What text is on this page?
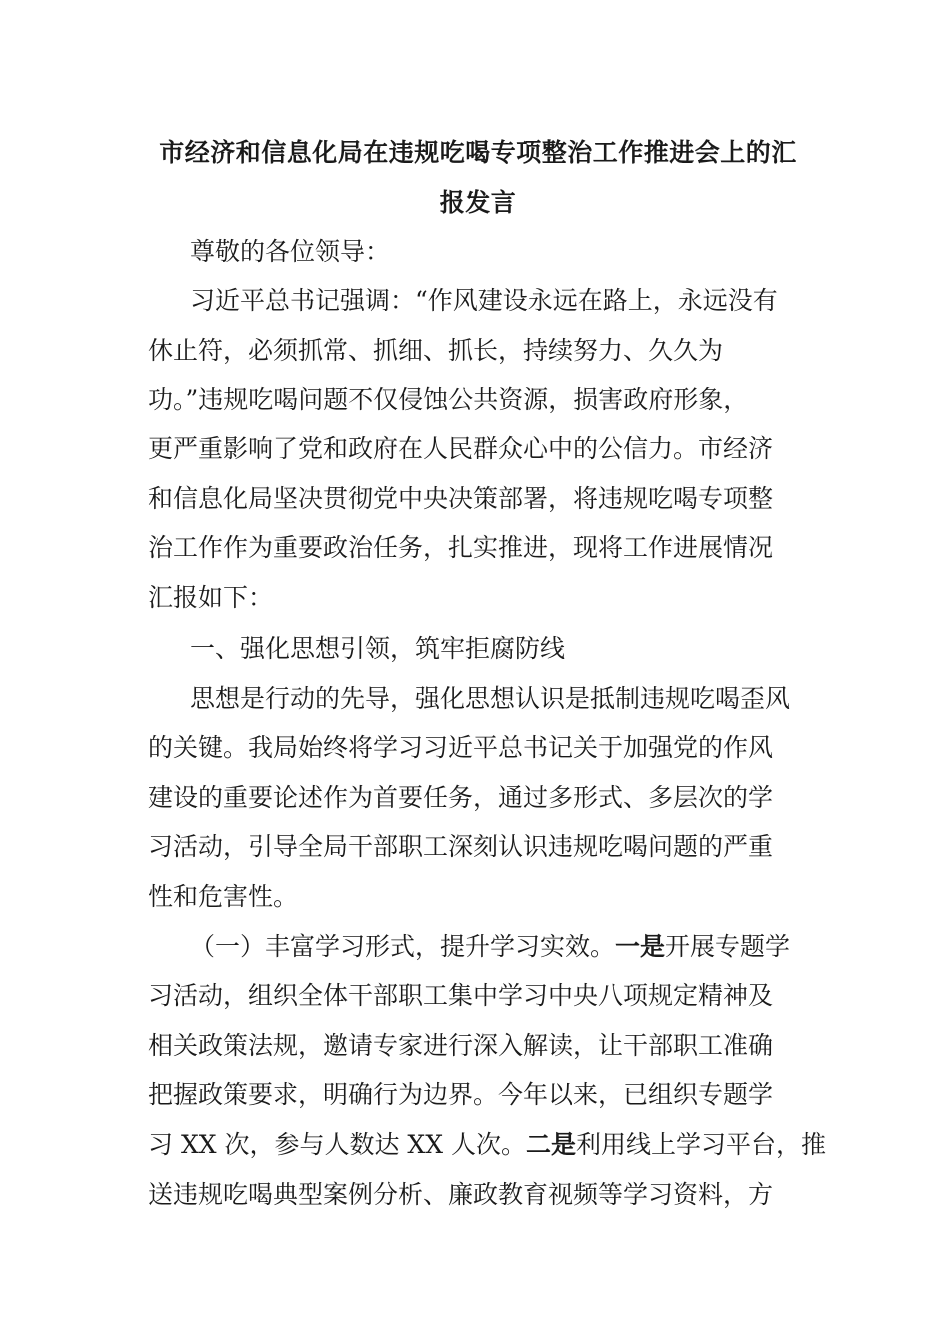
市经济和信息化局在违规吃喝专项整治工作推进会上的汇报发言

尊敬的各位领导：

习近平总书记强调：“作风建设永远在路上，永远没有

休止符，必须抓常、抓细、抓长，持续努力、久久为

功。”违规吃喝问题不仅侵蚀公共资源，损害政府形象，

更严重影响了党和政府在人民群众心中的公信力。市经济

和信息化局坚决贯彻党中央决策部署，将违规吃喝专项整

治工作作为重要政治任务，扎实推进，现将工作进展情况

汇报如下：

一、强化思想引领，筑牢拒腐防线

思想是行动的先导，强化思想认识是抵制违规吃喝歪风

的关键。我局始终将学习习近平总书记关于加强党的作风

建设的重要论述作为首要任务，通过多形式、多层次的学

习活动，引导全局干部职工深刻认识违规吃喝问题的严重

性和危害性。

（一）丰富学习形式，提升学习实效。一是开展专题学

习活动，组织全体干部职工集中学习中央八项规定精神及

相关政策法规，邀请专家进行深入解读，让干部职工准确

把握政策要求，明确行为边界。今年以来，已组织专题学

习 XX 次，参与人数达 XX 人次。二是利用线上学习平台，推

送违规吃喝典型案例分析、廉政教育视频等学习资料，方
